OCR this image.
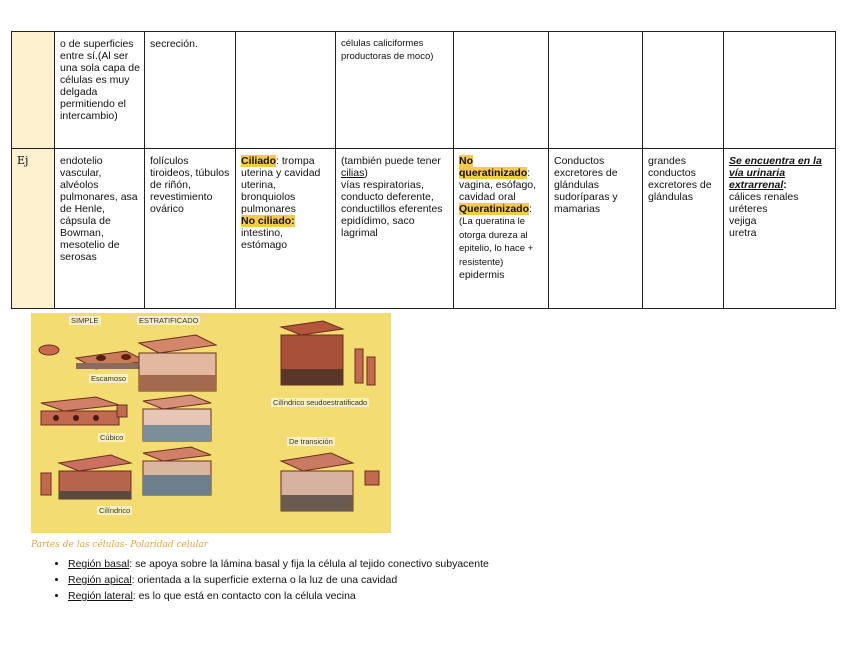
	o de superficies entre sí.(Al ser una sola capa de células es muy delgada permitiendo el intercambio)	secreción.		células caliciformes productoras de moco)				
Ej	endotelio vascular, alvéolos pulmonares, asa de Henle, cápsula de Bowman, mesotelio de serosas	folículos tiroideos, túbulos de riñón, revestimiento ovárico	Ciliado: trompa uterina y cavidad uterina, bronquiolos pulmonares
No ciliado:
intestino, estómago	(también puede tener cilias)
vías respiratorias, conducto deferente, conductillos eferentes epidídimo, saco lagrimal	No queratinizado: vagina, esófago, cavidad oral
Queratinizado:
(La queratina le otorga dureza al epitelio, lo hace + resistente)
epidermis	Conductos excretores de glándulas sudoríparas y mamarias	grandes conductos excretores de glándulas	Se encuentra en la vía urinaria extrarrenal:
cálices renales
uréteres
vejiga
uretra
SIMPLE	ESTRATIFICADO
Escamoso
Cúbico
Cilíndrico
Cilíndrico seudoestratificado
De transición
Partes de las células- Polaridad celular
• Región basal: se apoya sobre la lámina basal y fija la célula al tejido conectivo subyacente
• Región apical: orientada a la superficie externa o la luz de una cavidad
• Región lateral: es lo que está en contacto con la célula vecina
